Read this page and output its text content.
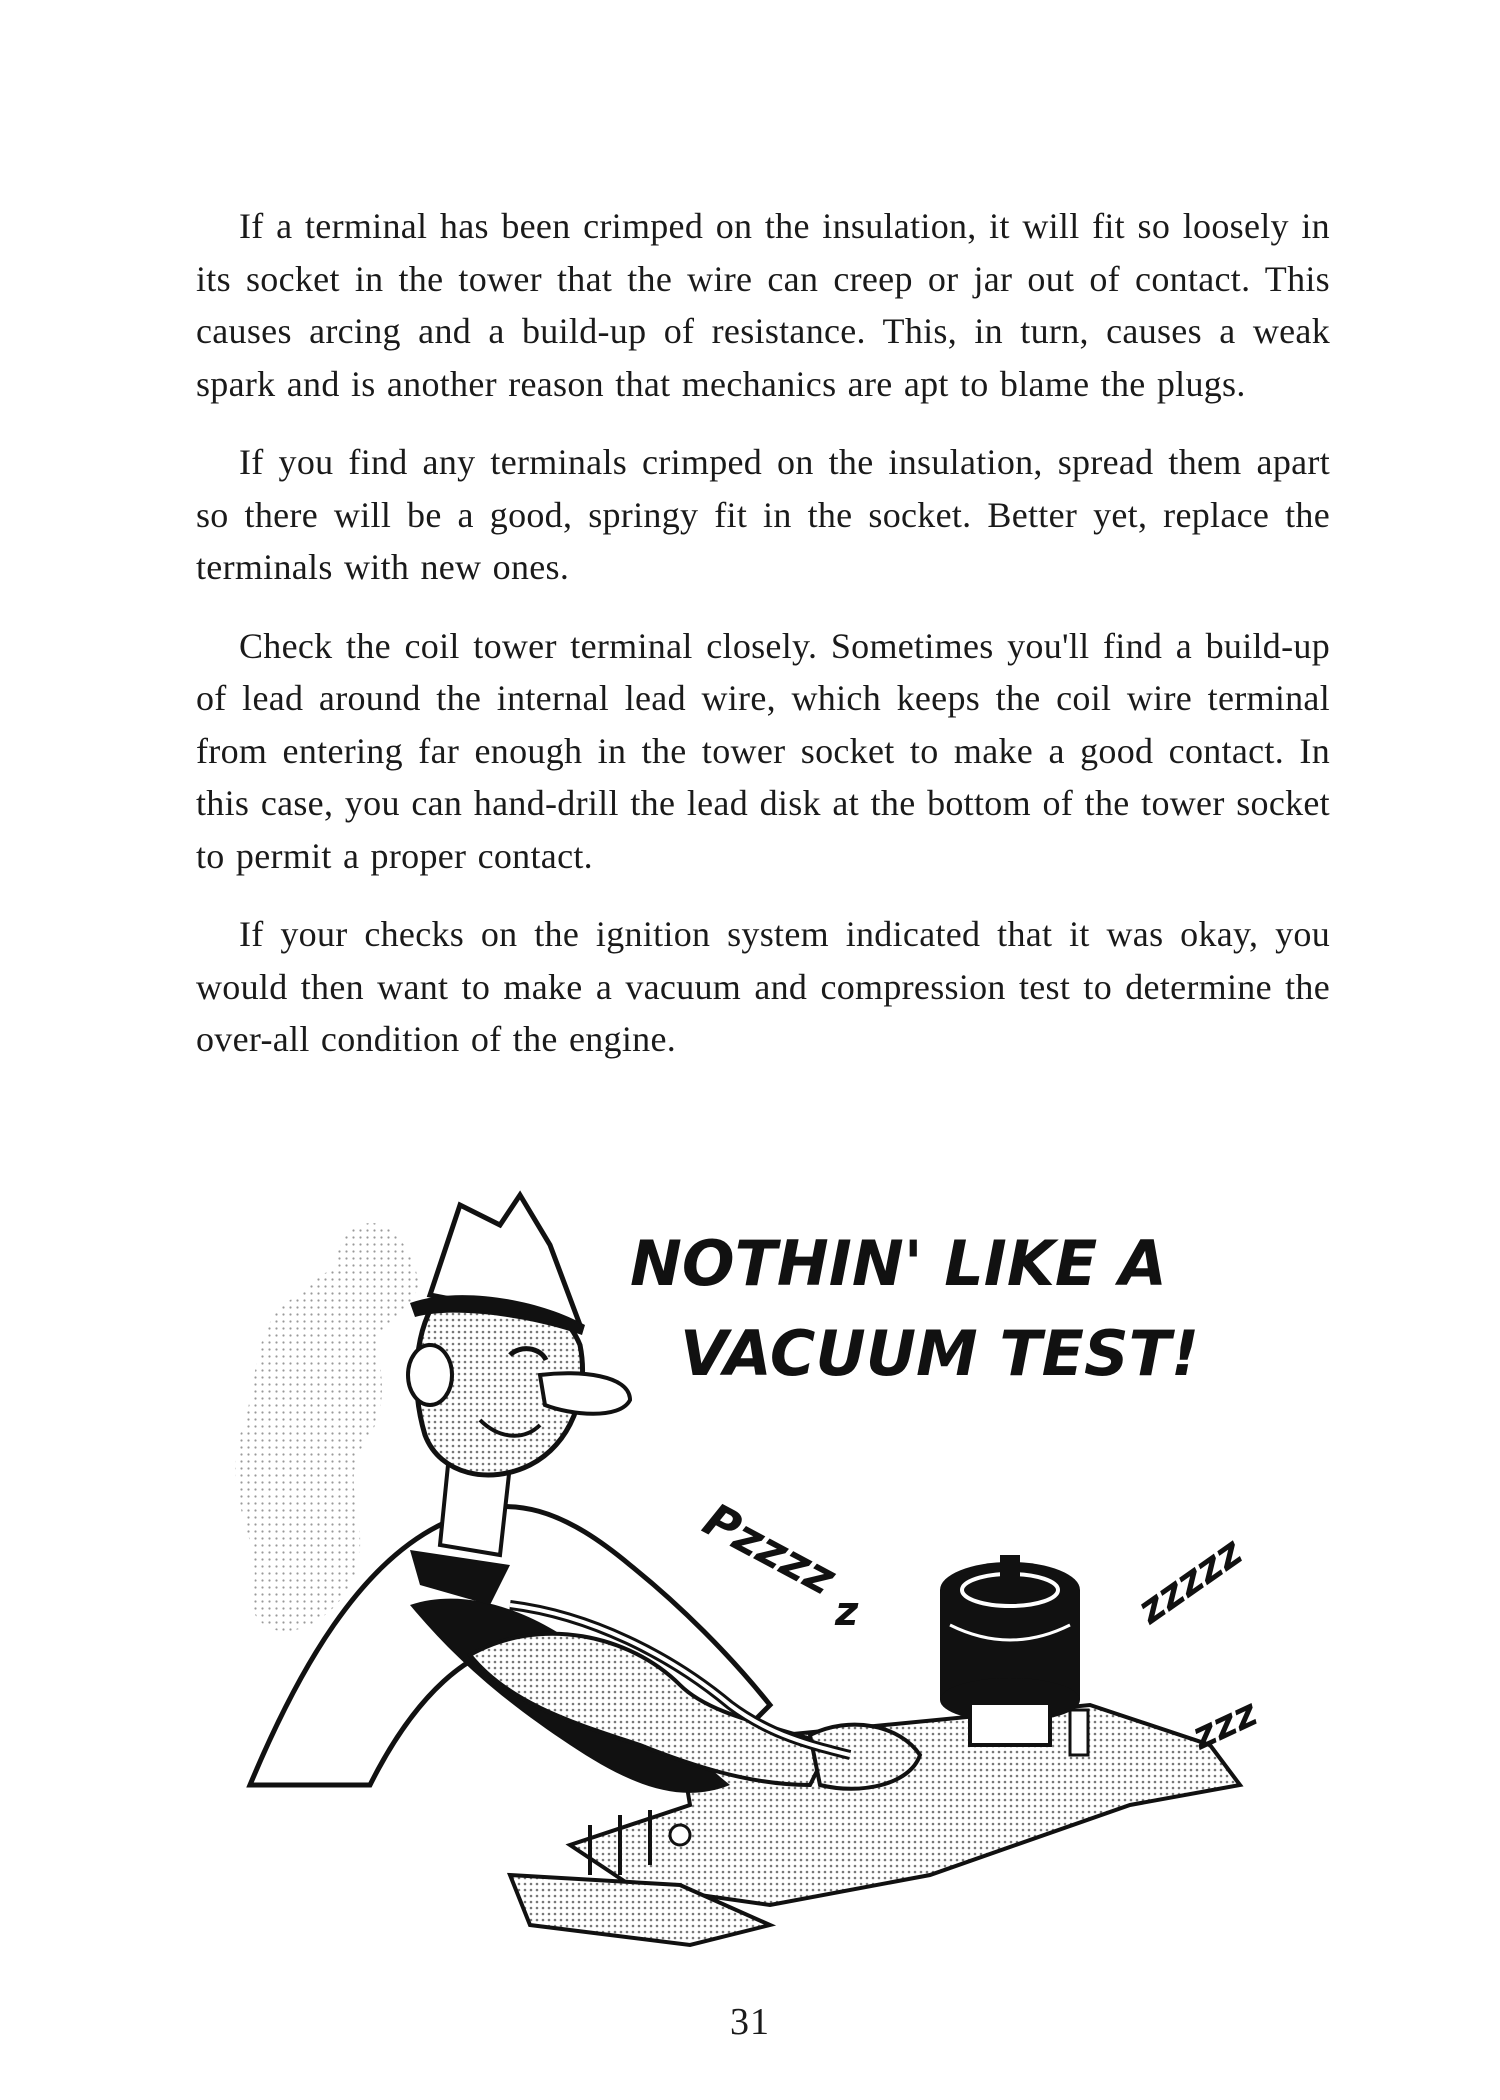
If a terminal has been crimped on the insulation, it will fit so loosely in its socket in the tower that the wire can creep or jar out of contact. This causes arcing and a build-up of resistance. This, in turn, causes a weak spark and is another reason that mechanics are apt to blame the plugs.

If you find any terminals crimped on the insulation, spread them apart so there will be a good, springy fit in the socket. Better yet, replace the terminals with new ones.

Check the coil tower terminal closely. Sometimes you'll find a build-up of lead around the internal lead wire, which keeps the coil wire terminal from entering far enough in the tower socket to make a good contact. In this case, you can hand-drill the lead disk at the bottom of the tower socket to permit a proper contact.

If your checks on the ignition system indicated that it was okay, you would then want to make a vacuum and compression test to determine the over-all condition of the engine.

NOTHIN' LIKE A
VACUUM TEST!
Pzzzz
z	zzzzz
zzz
31
